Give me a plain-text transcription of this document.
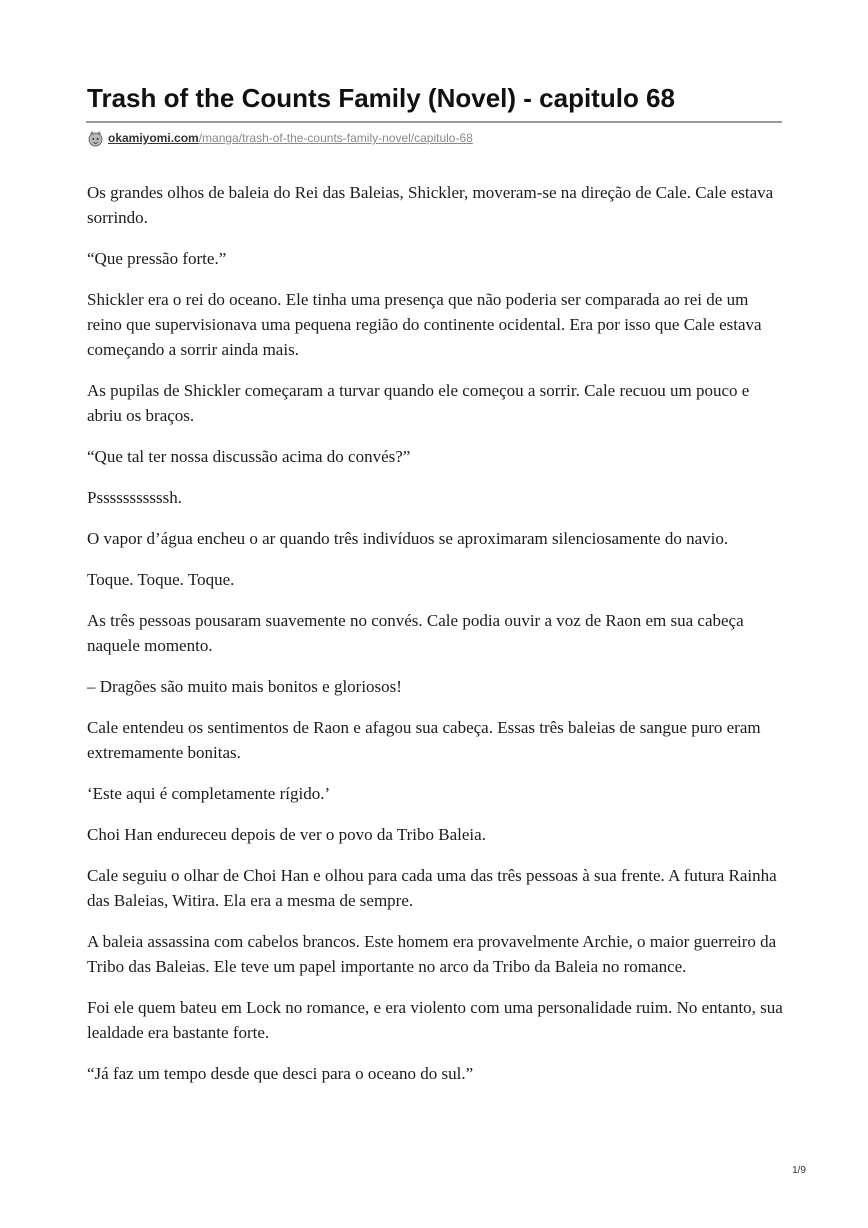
Trash of the Counts Family (Novel) - capitulo 68
okamiyomi.com /manga/trash-of-the-counts-family-novel/capitulo-68

Os grandes olhos de baleia do Rei das Baleias, Shickler, moveram-se na direção de Cale. Cale estava sorrindo.

“Que pressão forte.”

Shickler era o rei do oceano. Ele tinha uma presença que não poderia ser comparada ao rei de um reino que supervisionava uma pequena região do continente ocidental. Era por isso que Cale estava começando a sorrir ainda mais.

As pupilas de Shickler começaram a turvar quando ele começou a sorrir. Cale recuou um pouco e abriu os braços.

“Que tal ter nossa discussão acima do convés?”

Psssssssssssh.

O vapor d’água encheu o ar quando três indivíduos se aproximaram silenciosamente do navio.

Toque. Toque. Toque.

As três pessoas pousaram suavemente no convés. Cale podia ouvir a voz de Raon em sua cabeça naquele momento.

– Dragões são muito mais bonitos e gloriosos!

Cale entendeu os sentimentos de Raon e afagou sua cabeça. Essas três baleias de sangue puro eram extremamente bonitas.

‘Este aqui é completamente rígido.’

Choi Han endureceu depois de ver o povo da Tribo Baleia.

Cale seguiu o olhar de Choi Han e olhou para cada uma das três pessoas à sua frente. A futura Rainha das Baleias, Witira. Ela era a mesma de sempre.

A baleia assassina com cabelos brancos. Este homem era provavelmente Archie, o maior guerreiro da Tribo das Baleias. Ele teve um papel importante no arco da Tribo da Baleia no romance.

Foi ele quem bateu em Lock no romance, e era violento com uma personalidade ruim. No entanto, sua lealdade era bastante forte.

“Já faz um tempo desde que desci para o oceano do sul.”

1/9
